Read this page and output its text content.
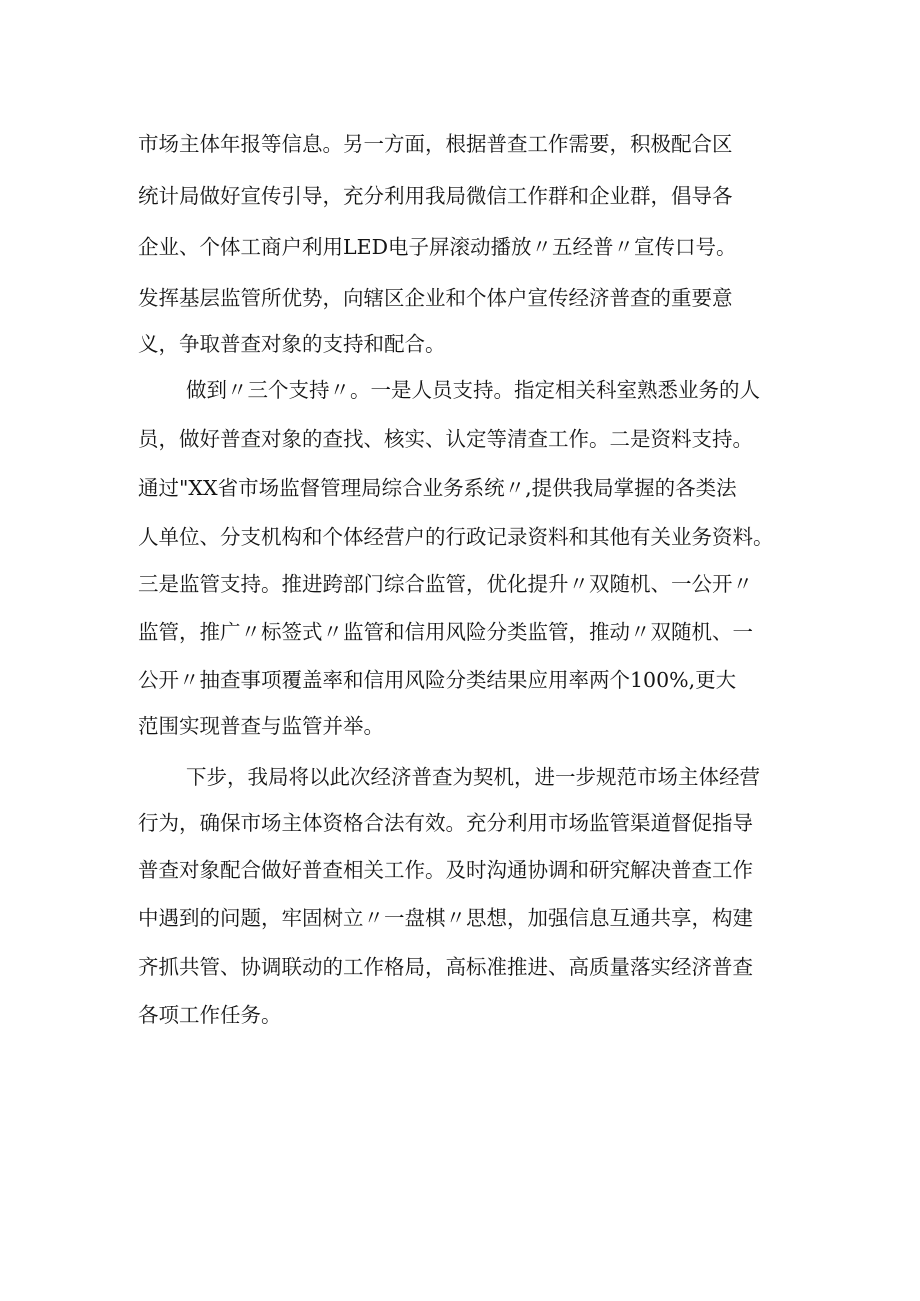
市场主体年报等信息。另一方面，根据普查工作需要，积极配合区
统计局做好宣传引导，充分利用我局微信工作群和企业群，倡导各
企业、个体工商户利用LED电子屏滚动播放〃五经普〃宣传口号。
发挥基层监管所优势，向辖区企业和个体户宣传经济普查的重要意
义，争取普查对象的支持和配合。
做到〃三个支持〃。一是人员支持。指定相关科室熟悉业务的人
员，做好普查对象的查找、核实、认定等清查工作。二是资料支持。
通过"XX省市场监督管理局综合业务系统〃,提供我局掌握的各类法
人单位、分支机构和个体经营户的行政记录资料和其他有关业务资料。
三是监管支持。推进跨部门综合监管，优化提升〃双随机、一公开〃
监管，推广〃标签式〃监管和信用风险分类监管，推动〃双随机、一
公开〃抽查事项覆盖率和信用风险分类结果应用率两个100%,更大
范围实现普查与监管并举。
下步，我局将以此次经济普查为契机，进一步规范市场主体经营
行为，确保市场主体资格合法有效。充分利用市场监管渠道督促指导
普查对象配合做好普查相关工作。及时沟通协调和研究解决普查工作
中遇到的问题，牢固树立〃一盘棋〃思想，加强信息互通共享，构建
齐抓共管、协调联动的工作格局，高标准推进、高质量落实经济普查
各项工作任务。
